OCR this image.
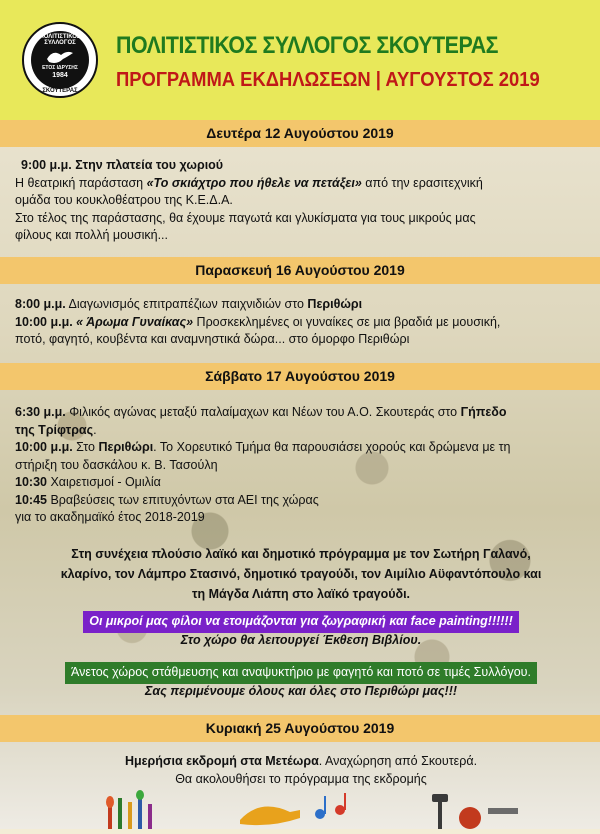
ΠΟΛΙΤΙΣΤΙΚΟΣ ΣΥΛΛΟΓΟΣ
ΕΤΟΣ ΙΔΡΥΣΗΣ
1984
ΣΚΟΥΤΕΡΑΣ
ΠΟΛΙΤΙΣΤΙΚΟΣ ΣΥΛΛΟΓΟΣ ΣΚΟΥΤΕΡΑΣ
ΠΡΟΓΡΑΜΜΑ ΕΚΔΗΛΩΣΕΩΝ | ΑΥΓΟΥΣΤΟΣ 2019
Δευτέρα 12 Αυγούστου 2019

9:00 μ.μ. Στην πλατεία του χωριού

Η θεατρική παράσταση «Το σκιάχτρο που ήθελε να πετάξει» από την ερασιτεχνική

ομάδα του κουκλοθέατρου της Κ.Ε.Δ.Α.

Στο τέλος της παράστασης, θα έχουμε παγωτά και γλυκίσματα για τους μικρούς μας

φίλους και πολλή μουσική...

Παρασκευή 16 Αυγούστου 2019

8:00 μ.μ. Διαγωνισμός επιτραπέζιων παιχνιδιών στο Περιθώρι

10:00 μ.μ. « Άρωμα Γυναίκας» Προσκεκλημένες οι γυναίκες σε μια βραδιά με μουσική,

ποτό, φαγητό, κουβέντα και αναμνηστικά δώρα... στο όμορφο Περιθώρι

Σάββατο 17 Αυγούστου 2019

6:30 μ.μ. Φιλικός αγώνας μεταξύ παλαίμαχων και Νέων του Α.Ο. Σκουτεράς στο Γήπεδο

της Τρίφτρας.

10:00 μ.μ. Στο Περιθώρι. Το Χορευτικό Τμήμα θα παρουσιάσει χορούς και δρώμενα με τη

στήριξη του δασκάλου κ. Β. Τασούλη

10:30 Χαιρετισμοί - Ομιλία

10:45 Βραβεύσεις των επιτυχόντων στα ΑΕΙ της χώρας

για το ακαδημαϊκό έτος 2018-2019

Στη συνέχεια πλούσιο λαϊκό και δημοτικό πρόγραμμα με τον Σωτήρη Γαλανό,

κλαρίνο, τον Λάμπρο Στασινό, δημοτικό τραγούδι, τον Αιμίλιο Αϋφαντόπουλο και

τη Μάγδα Λιάπη στο λαϊκό τραγούδι.

Οι μικροί μας φίλοι να ετοιμάζονται για ζωγραφική και face painting!!!!!!
Στο χώρο θα λειτουργεί Έκθεση Βιβλίου.
Άνετος χώρος στάθμευσης και αναψυκτήριο με φαγητό και ποτό σε τιμές Συλλόγου.
Σας περιμένουμε όλους και όλες στο Περιθώρι μας!!!
Κυριακή 25 Αυγούστου 2019

Ημερήσια εκδρομή στα Μετέωρα. Αναχώρηση από Σκουτερά.

Θα ακολουθήσει το πρόγραμμα της εκδρομής
